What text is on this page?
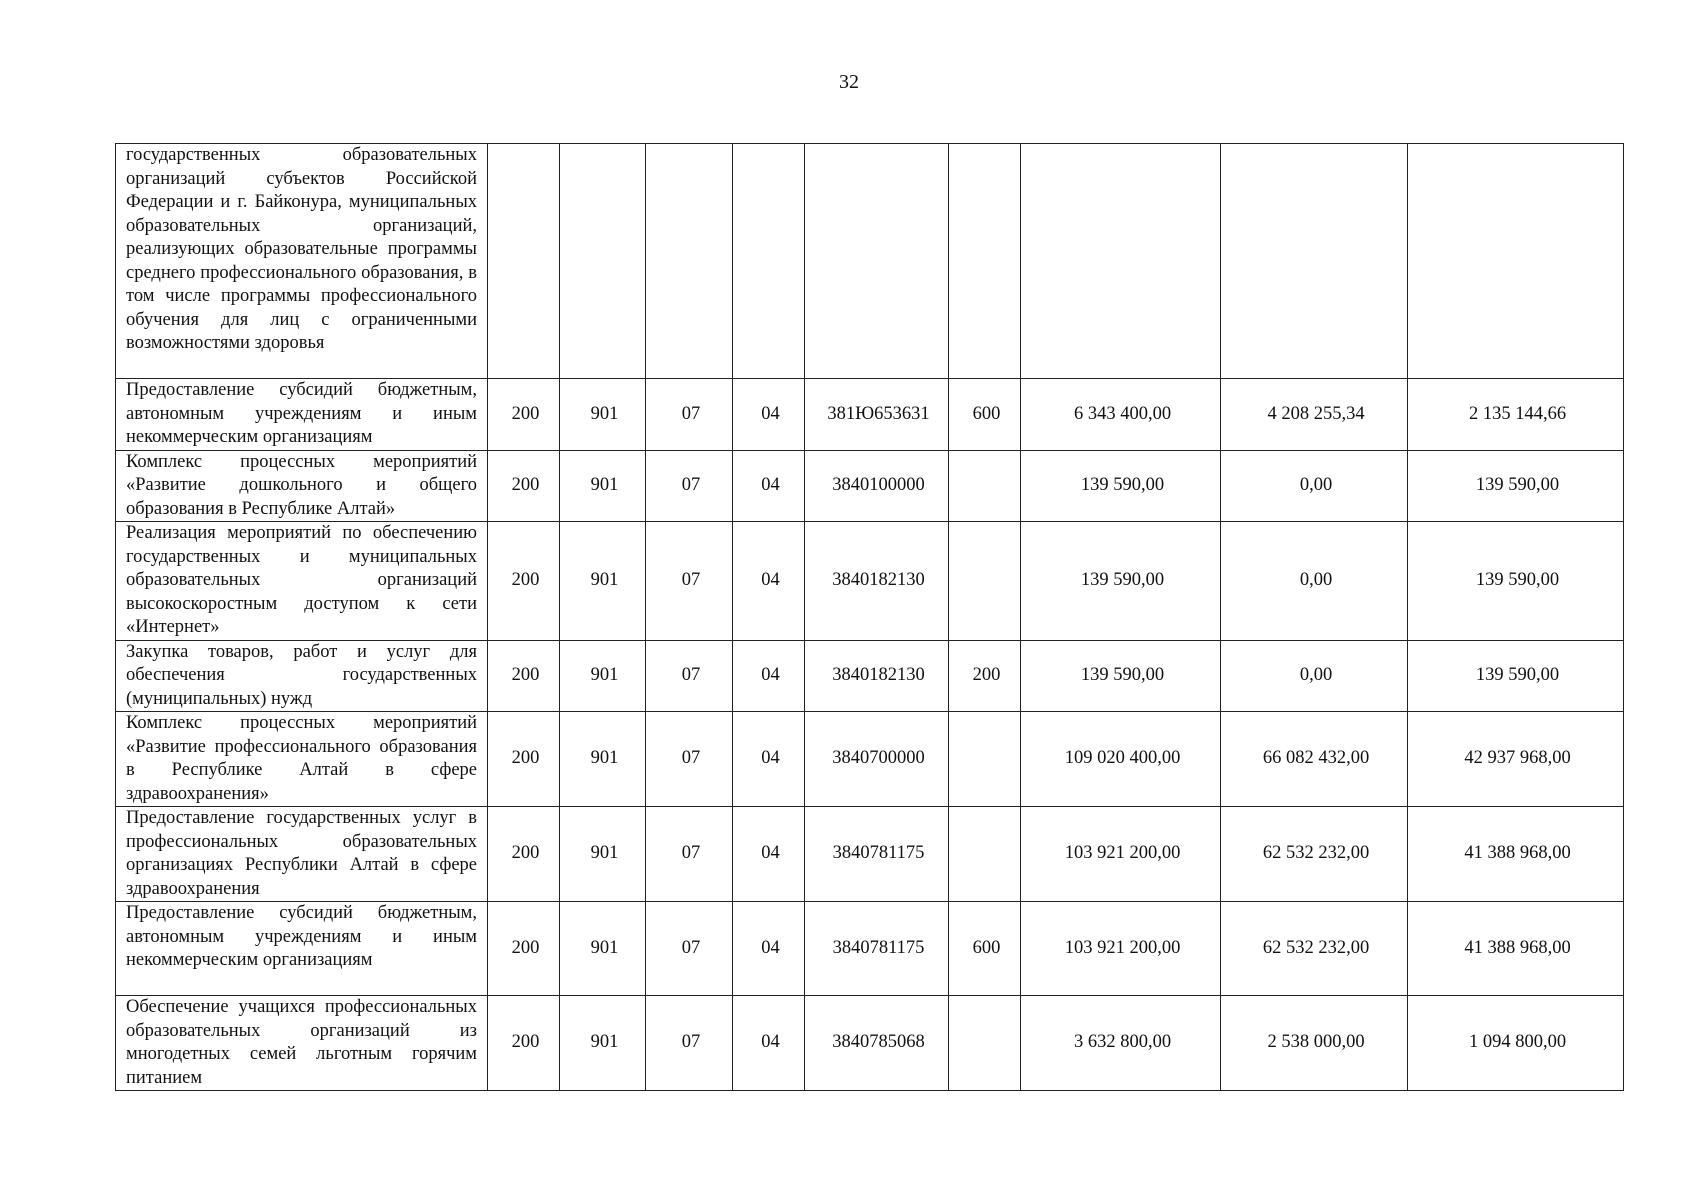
32
государственных образовательных организаций субъектов Российской Федерации и г. Байконура, муниципальных образовательных организаций, реализующих образовательные программы среднего профессионального образования, в том числе программы профессионального обучения для лиц с ограниченными возможностями здоровья									
Предоставление субсидий бюджетным, автономным учреждениям и иным некоммерческим организациям	200	901	07	04	381Ю653631	600	6 343 400,00	4 208 255,34	2 135 144,66
Комплекс процессных мероприятий «Развитие дошкольного и общего образования в Республике Алтай»	200	901	07	04	3840100000		139 590,00	0,00	139 590,00
Реализация мероприятий по обеспечению государственных и муниципальных образовательных организаций высокоскоростным доступом к сети «Интернет»	200	901	07	04	3840182130		139 590,00	0,00	139 590,00
Закупка товаров, работ и услуг для обеспечения государственных (муниципальных) нужд	200	901	07	04	3840182130	200	139 590,00	0,00	139 590,00
Комплекс процессных мероприятий «Развитие профессионального образования в Республике Алтай в сфере здравоохранения»	200	901	07	04	3840700000		109 020 400,00	66 082 432,00	42 937 968,00
Предоставление государственных услуг в профессиональных образовательных организациях Республики Алтай в сфере здравоохранения	200	901	07	04	3840781175		103 921 200,00	62 532 232,00	41 388 968,00
Предоставление субсидий бюджетным, автономным учреждениям и иным некоммерческим организациям	200	901	07	04	3840781175	600	103 921 200,00	62 532 232,00	41 388 968,00
Обеспечение учащихся профессиональных образовательных организаций из многодетных семей льготным горячим питанием	200	901	07	04	3840785068		3 632 800,00	2 538 000,00	1 094 800,00
